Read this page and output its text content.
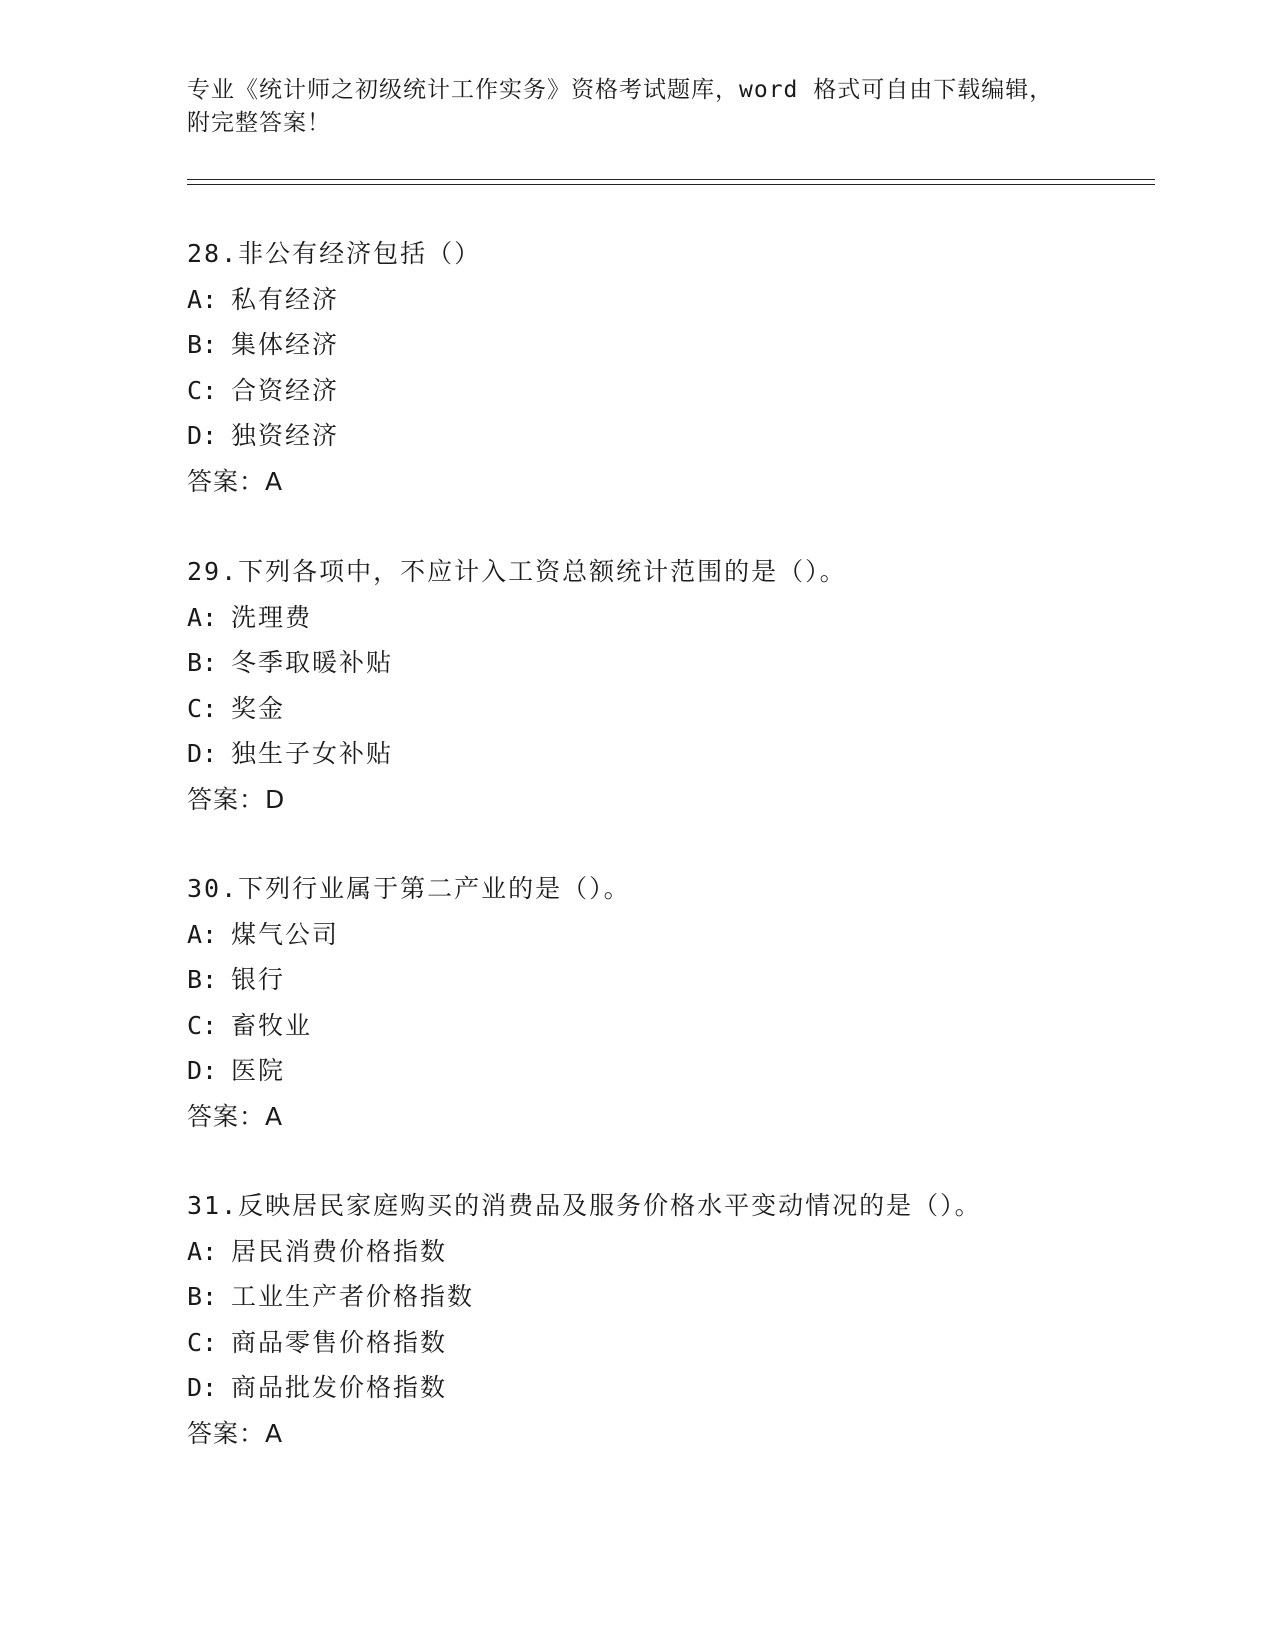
专业《统计师之初级统计工作实务》资格考试题库，word 格式可自由下载编辑，
附完整答案！
28.非公有经济包括（）
A: 私有经济
B: 集体经济
C: 合资经济
D: 独资经济
答案：A
29.下列各项中，不应计入工资总额统计范围的是（）。
A: 洗理费
B: 冬季取暖补贴
C: 奖金
D: 独生子女补贴
答案：D
30.下列行业属于第二产业的是（）。
A: 煤气公司
B: 银行
C: 畜牧业
D: 医院
答案：A
31.反映居民家庭购买的消费品及服务价格水平变动情况的是（）。
A: 居民消费价格指数
B: 工业生产者价格指数
C: 商品零售价格指数
D: 商品批发价格指数
答案：A
